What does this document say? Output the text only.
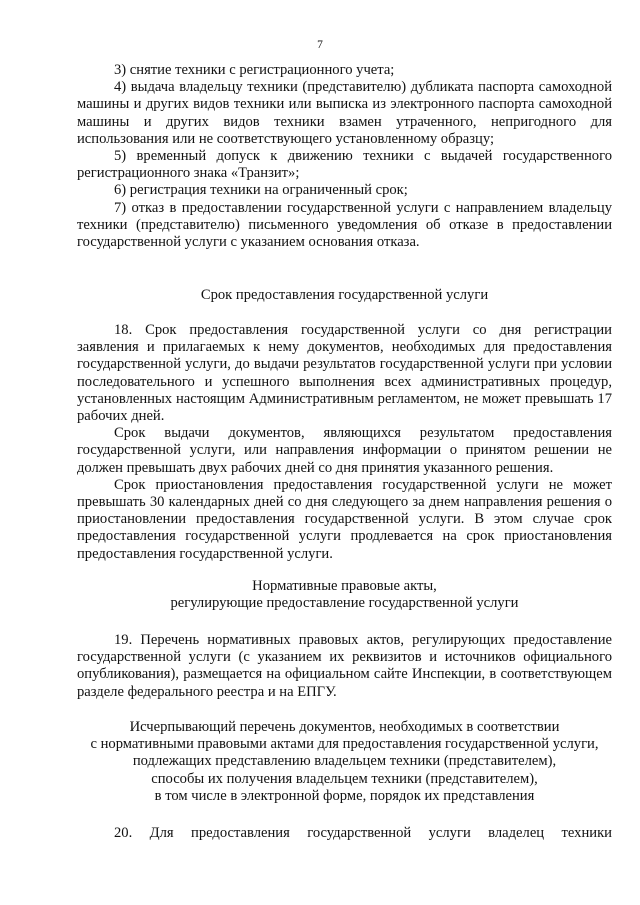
7

3) снятие техники с регистрационного учета;

4) выдача владельцу техники (представителю) дубликата паспорта самоходной машины и других видов техники или выписка из электронного паспорта самоходной машины и других видов техники взамен утраченного, непригодного для использования или не соответствующего установленному образцу;

5) временный допуск к движению техники с выдачей государственного регистрационного знака «Транзит»;

6) регистрация техники на ограниченный срок;

7) отказ в предоставлении государственной услуги с направлением владельцу техники (представителю) письменного уведомления об отказе в предоставлении государственной услуги с указанием основания отказа.

Срок предоставления государственной услуги

18. Срок предоставления государственной услуги со дня регистрации заявления и прилагаемых к нему документов, необходимых для предоставления государственной услуги, до выдачи результатов государственной услуги при условии последовательного и успешного выполнения всех административных процедур, установленных настоящим Административным регламентом, не может превышать 17 рабочих дней.

Срок выдачи документов, являющихся результатом предоставления государственной услуги, или направления информации о принятом решении не должен превышать двух рабочих дней со дня принятия указанного решения.

Срок приостановления предоставления государственной услуги не может превышать 30 календарных дней со дня следующего за днем направления решения о приостановлении предоставления государственной услуги. В этом случае срок предоставления государственной услуги продлевается на срок приостановления предоставления государственной услуги.

Нормативные правовые акты,

регулирующие предоставление государственной услуги

19. Перечень нормативных правовых актов, регулирующих предоставление государственной услуги (с указанием их реквизитов и источников официального опубликования), размещается на официальном сайте Инспекции, в соответствующем разделе федерального реестра и на ЕПГУ.

Исчерпывающий перечень документов, необходимых в соответствии

с нормативными правовыми актами для предоставления государственной услуги,

подлежащих представлению владельцем техники (представителем),

способы их получения владельцем техники (представителем),

в том числе в электронной форме, порядок их представления

20. Для предоставления государственной услуги владелец техники
